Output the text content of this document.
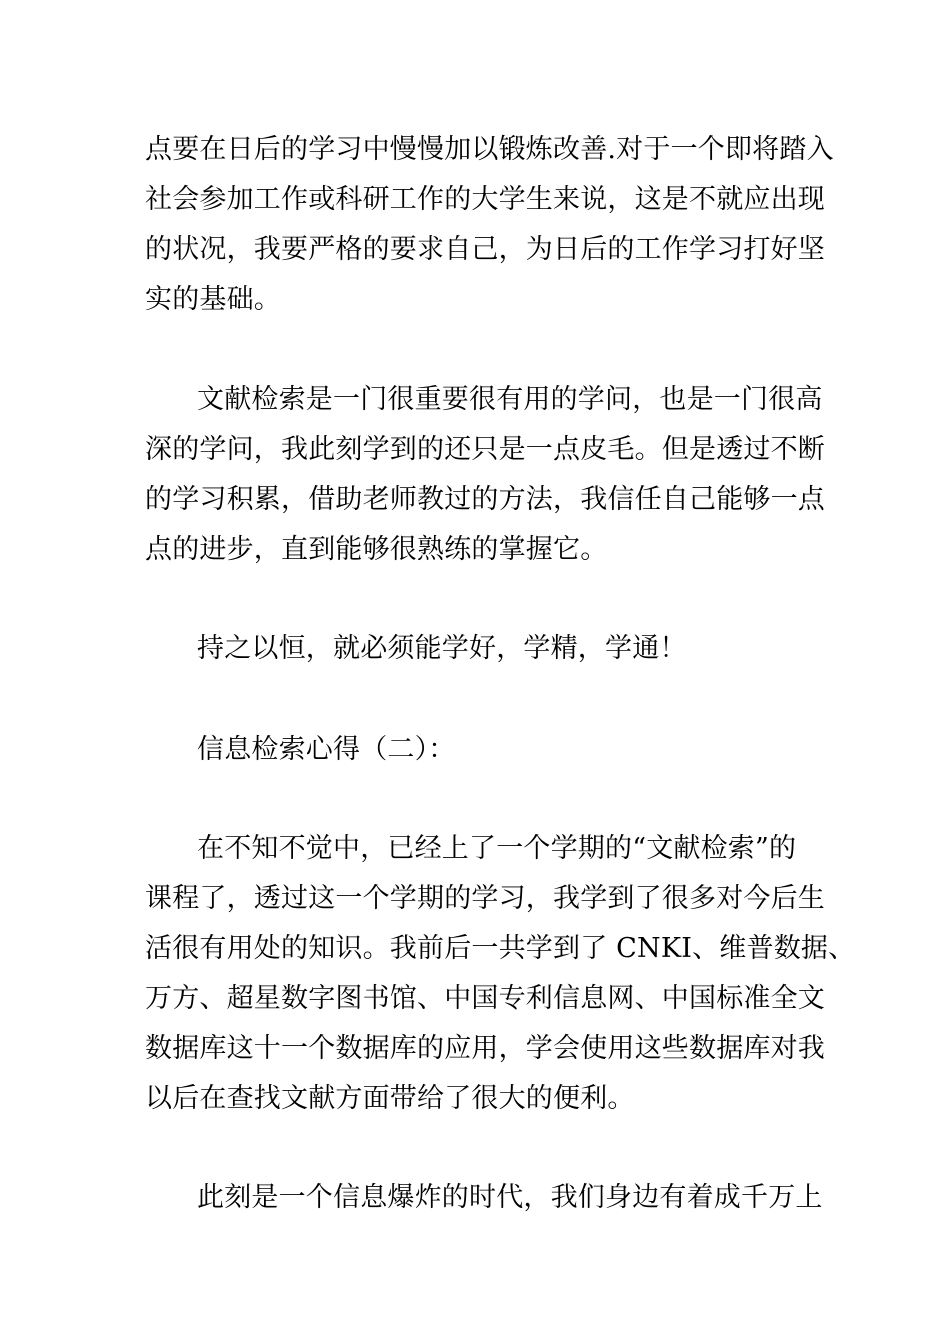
点要在日后的学习中慢慢加以锻炼改善.对于一个即将踏入
社会参加工作或科研工作的大学生来说，这是不就应出现
的状况，我要严格的要求自己，为日后的工作学习打好坚
实的基础。
文献检索是一门很重要很有用的学问，也是一门很高
深的学问，我此刻学到的还只是一点皮毛。但是透过不断
的学习积累，借助老师教过的方法，我信任自己能够一点
点的进步，直到能够很熟练的掌握它。
持之以恒，就必须能学好，学精，学通！
信息检索心得（二）：
在不知不觉中，已经上了一个学期的“文献检索”的
课程了，透过这一个学期的学习，我学到了很多对今后生
活很有用处的知识。我前后一共学到了 CNKI、维普数据、
万方、超星数字图书馆、中国专利信息网、中国标准全文
数据库这十一个数据库的应用，学会使用这些数据库对我
以后在查找文献方面带给了很大的便利。
此刻是一个信息爆炸的时代，我们身边有着成千万上
